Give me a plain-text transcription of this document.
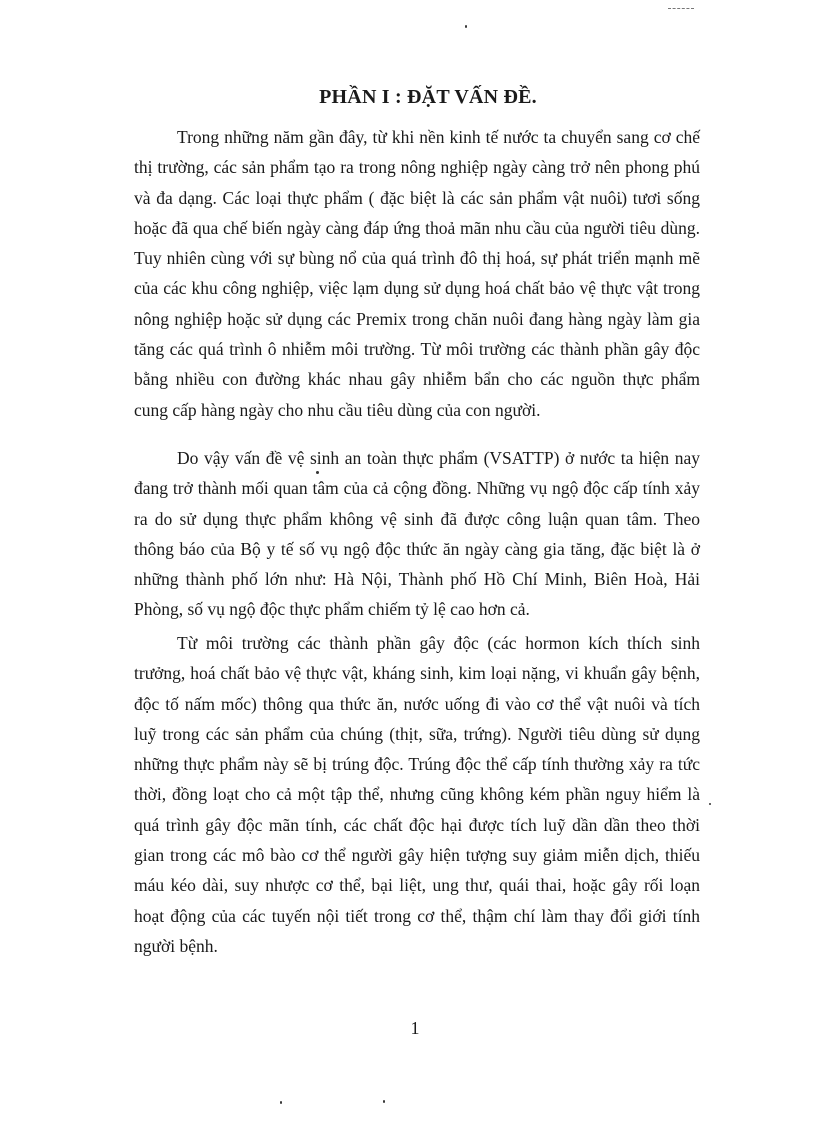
PHẦN I : ĐẶT VẤN ĐỀ.
Trong những năm gần đây, từ khi nền kinh tế nước ta chuyển sang cơ chế
thị trường, các sản phẩm tạo ra trong nông nghiệp ngày càng trở nên phong phú
và đa dạng. Các loại thực phẩm ( đặc biệt là các sản phẩm vật nuôi) tươi sống
hoặc đã qua chế biến ngày càng đáp ứng thoả mãn nhu cầu của người tiêu dùng.
Tuy nhiên cùng với sự bùng nổ của quá trình đô thị hoá, sự phát triển mạnh mẽ
của các khu công nghiệp, việc lạm dụng sử dụng hoá chất bảo vệ thực vật trong
nông nghiệp hoặc sử dụng các Premix trong chăn nuôi đang hàng ngày làm gia
tăng các quá trình ô nhiễm môi trường. Từ môi trường các thành phần gây độc
bằng nhiều con đường khác nhau gây nhiễm bẩn cho các nguồn thực phẩm
cung cấp hàng ngày cho nhu cầu tiêu dùng của con người.
Do vậy vấn đề vệ sinh an toàn thực phẩm (VSATTP) ở nước ta hiện nay
đang trở thành mối quan tâm của cả cộng đồng. Những vụ ngộ độc cấp tính xảy
ra do sử dụng thực phẩm không vệ sinh đã được công luận quan tâm. Theo
thông báo của Bộ y tế số vụ ngộ độc thức ăn ngày càng gia tăng, đặc biệt là ở
những thành phố lớn như: Hà Nội, Thành phố Hồ Chí Minh, Biên Hoà, Hải
Phòng, số vụ ngộ độc thực phẩm chiếm tỷ lệ cao hơn cả.
Từ môi trường các thành phần gây độc (các hormon kích thích sinh
trưởng, hoá chất bảo vệ thực vật, kháng sinh, kim loại nặng, vi khuẩn gây bệnh,
độc tố nấm mốc) thông qua thức ăn, nước uống đi vào cơ thể vật nuôi và tích
luỹ trong các sản phẩm của chúng (thịt, sữa, trứng). Người tiêu dùng sử dụng
những thực phẩm này sẽ bị trúng độc. Trúng độc thể cấp tính thường xảy ra tức
thời, đồng loạt cho cả một tập thể, nhưng cũng không kém phần nguy hiểm là
quá trình gây độc mãn tính, các chất độc hại được tích luỹ dần dần theo thời
gian trong các mô bào cơ thể người gây hiện tượng suy giảm miễn dịch, thiếu
máu kéo dài, suy nhược cơ thể, bại liệt, ung thư, quái thai, hoặc gây rối loạn
hoạt động của các tuyến nội tiết trong cơ thể, thậm chí làm thay đổi giới tính
người bệnh.
1
